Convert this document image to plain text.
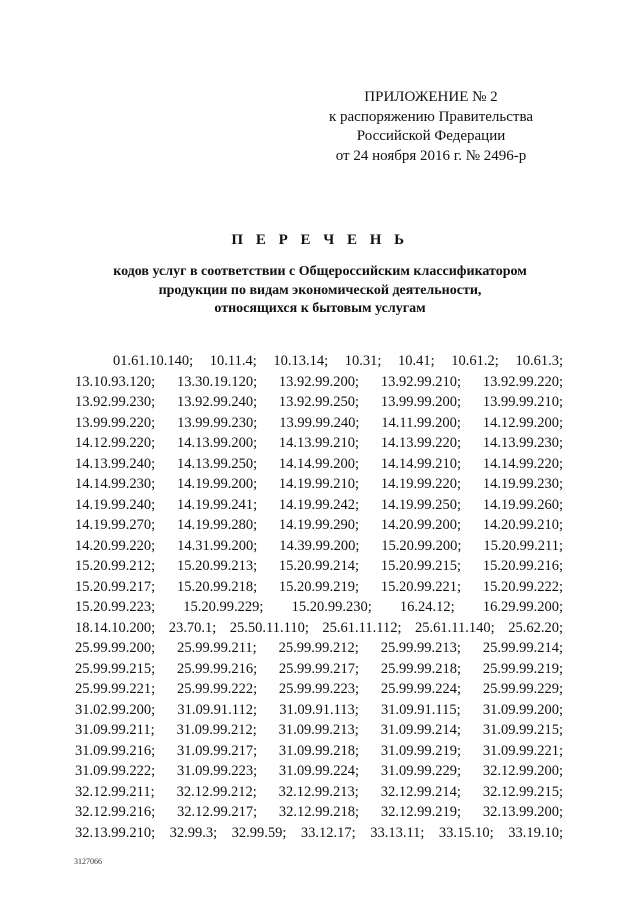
ПРИЛОЖЕНИЕ № 2
к распоряжению Правительства
Российской Федерации
от 24 ноября 2016 г. № 2496-р
П Е Р Е Ч Е Н Ь
кодов услуг в соответствии с Общероссийским классификатором
продукции по видам экономической деятельности,
относящихся к бытовым услугам
01.61.10.140; 10.11.4; 10.13.14; 10.31; 10.41; 10.61.2; 10.61.3;
13.10.93.120; 13.30.19.120; 13.92.99.200; 13.92.99.210; 13.92.99.220;
13.92.99.230; 13.92.99.240; 13.92.99.250; 13.99.99.200; 13.99.99.210;
13.99.99.220; 13.99.99.230; 13.99.99.240; 14.11.99.200; 14.12.99.200;
14.12.99.220; 14.13.99.200; 14.13.99.210; 14.13.99.220; 14.13.99.230;
14.13.99.240; 14.13.99.250; 14.14.99.200; 14.14.99.210; 14.14.99.220;
14.14.99.230; 14.19.99.200; 14.19.99.210; 14.19.99.220; 14.19.99.230;
14.19.99.240; 14.19.99.241; 14.19.99.242; 14.19.99.250; 14.19.99.260;
14.19.99.270; 14.19.99.280; 14.19.99.290; 14.20.99.200; 14.20.99.210;
14.20.99.220; 14.31.99.200; 14.39.99.200; 15.20.99.200; 15.20.99.211;
15.20.99.212; 15.20.99.213; 15.20.99.214; 15.20.99.215; 15.20.99.216;
15.20.99.217; 15.20.99.218; 15.20.99.219; 15.20.99.221; 15.20.99.222;
15.20.99.223; 15.20.99.229; 15.20.99.230; 16.24.12; 16.29.99.200;
18.14.10.200; 23.70.1; 25.50.11.110; 25.61.11.112; 25.61.11.140; 25.62.20;
25.99.99.200; 25.99.99.211; 25.99.99.212; 25.99.99.213; 25.99.99.214;
25.99.99.215; 25.99.99.216; 25.99.99.217; 25.99.99.218; 25.99.99.219;
25.99.99.221; 25.99.99.222; 25.99.99.223; 25.99.99.224; 25.99.99.229;
31.02.99.200; 31.09.91.112; 31.09.91.113; 31.09.91.115; 31.09.99.200;
31.09.99.211; 31.09.99.212; 31.09.99.213; 31.09.99.214; 31.09.99.215;
31.09.99.216; 31.09.99.217; 31.09.99.218; 31.09.99.219; 31.09.99.221;
31.09.99.222; 31.09.99.223; 31.09.99.224; 31.09.99.229; 32.12.99.200;
32.12.99.211; 32.12.99.212; 32.12.99.213; 32.12.99.214; 32.12.99.215;
32.12.99.216; 32.12.99.217; 32.12.99.218; 32.12.99.219; 32.13.99.200;
32.13.99.210; 32.99.3; 32.99.59; 33.12.17; 33.13.11; 33.15.10; 33.19.10;
3127066
